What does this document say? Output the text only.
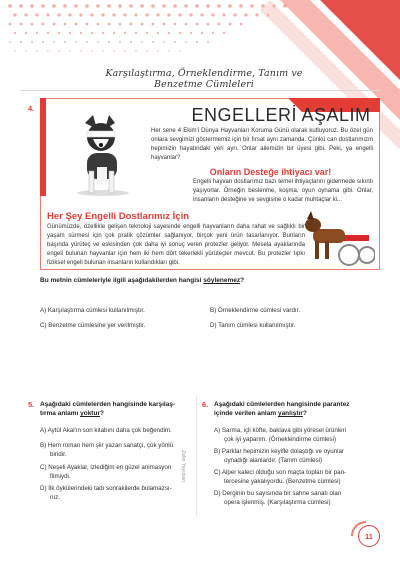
Karşılaştırma, Örneklendirme, Tanım ve Benzetme Cümleleri
4.	ENGELLERİ AŞALIM
Her sene 4 Ekim'i Dünya Hayvanları Koruma Günü olarak kutluyoruz. Bu özel gün onlara sevgimizi göstermemiz için bir fırsat aynı zamanda. Çünkü can dostlarımızın hepimizin hayatındaki yeri ayrı. Onlar ailemizin bir üyesi gibi. Peki, ya engelli hayvanlar?
Onların Desteğe ihtiyacı var!
Engelli hayvan dostlarımız bazı temel ihtiyaçlarını gidermede sıkıntı yaşıyorlar. Örneğin beslenme, koşma, oyun oynama gibi. Onlar, insanların desteğine ve sevgisine o kadar muhtaçlar ki...
Her Şey Engelli Dostlarımız İçin
Günümüzde, özellikle gelişen teknoloji sayesinde engelli hayvanların daha rahat ve sağlıklı bir yaşam sürmesi için çok pratik çözümler sağlanıyor, birçok yeni ürün tasarlanıyor. Bunların başında yürüteç ve eskisinden çok daha iyi sonuç veren protezler geliyor. Mesela ayaklarında engeli bulunan hayvanlar için hem iki hem dört tekerlekli yürüteçler mevcut. Bu protezler tıpkı fiziksel engeli bulunan insanların kullandıkları gibi.
Bu metnin cümleleriyle ilgili aşağıdakilerden hangisi söylenemez?
A) Karşılaştırma cümlesi kullanılmıştır.	B) Örneklendirme cümlesi vardır.
C) Benzetme cümlesine yer verilmiştir.	D) Tanım cümlesi kullanılmıştır.
5. Aşağıdaki cümlelerden hangisinde karşılaş-
tırma anlamı yoktur?
A) Aytül Akal'ın son kitabını daha çok beğendim.
B) Hem roman hem şiir yazan sanatçı, çok yönlü
biridir.
C) Neşeli Ayaklar, izlediğim en güzel animasyon
filmiydi.
D) İlk öykülerindeki tadı sonrakilerde bulamazsı-
nız.
Zafer Yayınları
6. Aşağıdaki cümlelerden hangisinde parantez
içinde verilen anlam yanlıştır?
A) Sarma, içli köfte, baklava gibi yöresel ürünleri
çok iyi yaparım. (Örneklendirme cümlesi)
B) Parklar hepimizin keyifle dolaştığı ve oyunlar
oynadığı alanlardır. (Tanım cümlesi)
C) Alper kaleci olduğu son maçta topları bir pan-
tercesine yakalıyordu. (Benzetme cümlesi)
D) Derginin bu sayısında bir sahne sanatı olan
opera işlenmiş. (Karşılaştırma cümlesi)
11
